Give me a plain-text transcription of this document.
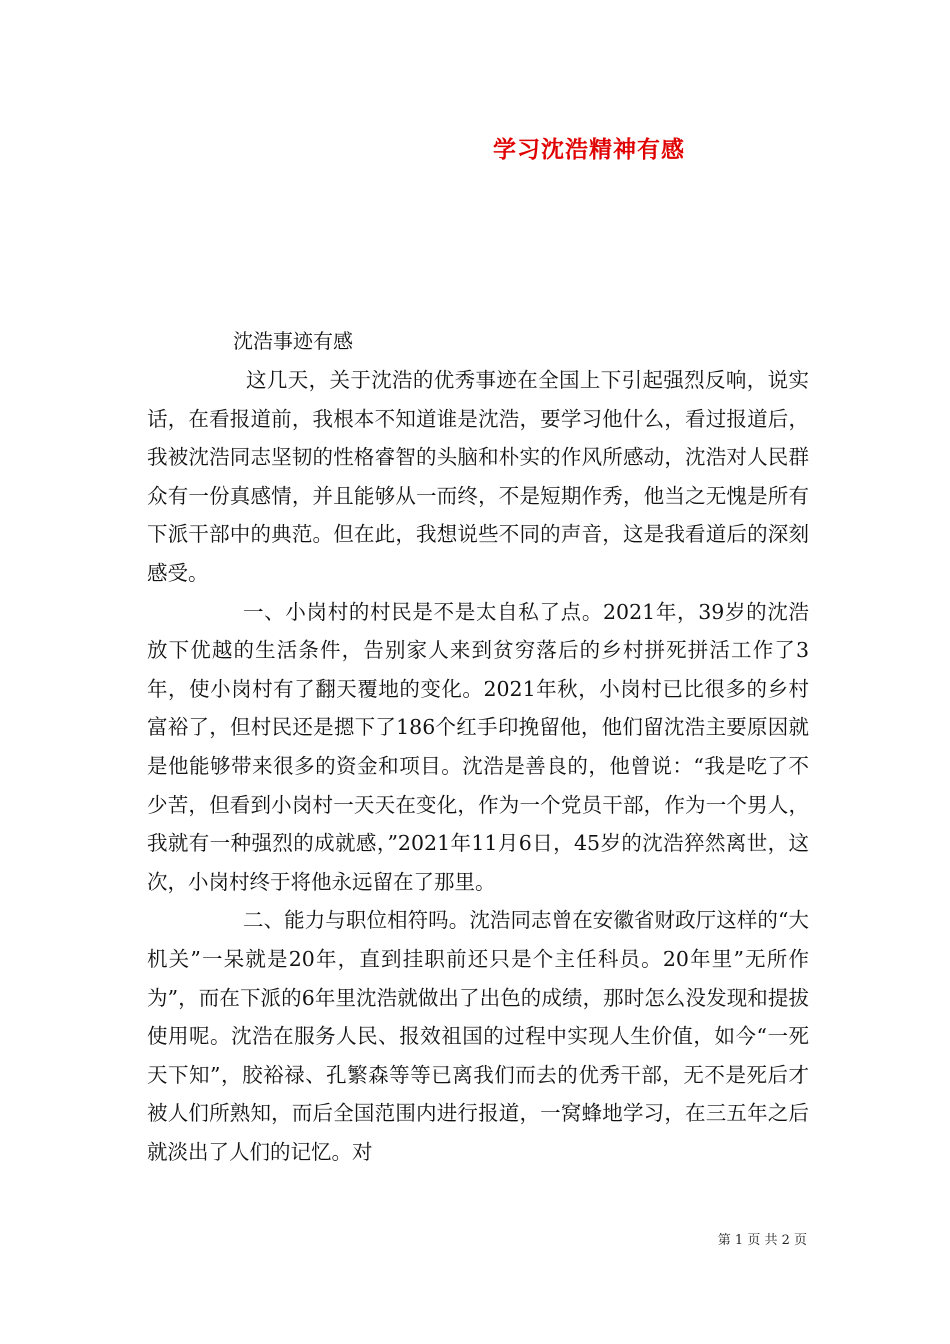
学习沈浩精神有感
沈浩事迹有感

这几天，关于沈浩的优秀事迹在全国上下引起强烈反响，说实话，在看报道前，我根本不知道谁是沈浩，要学习他什么，看过报道后，我被沈浩同志坚韧的性格睿智的头脑和朴实的作风所感动，沈浩对人民群众有一份真感情，并且能够从一而终，不是短期作秀，他当之无愧是所有下派干部中的典范。但在此，我想说些不同的声音，这是我看道后的深刻感受。

一、小岗村的村民是不是太自私了点。2021年，39岁的沈浩放下优越的生活条件，告别家人来到贫穷落后的乡村拼死拼活工作了3年，使小岗村有了翻天覆地的变化。2021年秋，小岗村已比很多的乡村富裕了，但村民还是摁下了186个红手印挽留他，他们留沈浩主要原因就是他能够带来很多的资金和项目。沈浩是善良的，他曾说：“我是吃了不少苦，但看到小岗村一天天在变化，作为一个党员干部，作为一个男人，我就有一种强烈的成就感，”2021年11月6日，45岁的沈浩猝然离世，这次，小岗村终于将他永远留在了那里。

二、能力与职位相符吗。沈浩同志曾在安徽省财政厅这样的“大机关”一呆就是20年，直到挂职前还只是个主任科员。20年里”无所作为”，而在下派的6年里沈浩就做出了出色的成绩，那时怎么没发现和提拔使用呢。沈浩在服务人民、报效祖国的过程中实现人生价值，如今“一死天下知”，胶裕禄、孔繁森等等已离我们而去的优秀干部，无不是死后才被人们所熟知，而后全国范围内进行报道，一窝蜂地学习，在三五年之后就淡出了人们的记忆。对

第 1 页 共 2 页
